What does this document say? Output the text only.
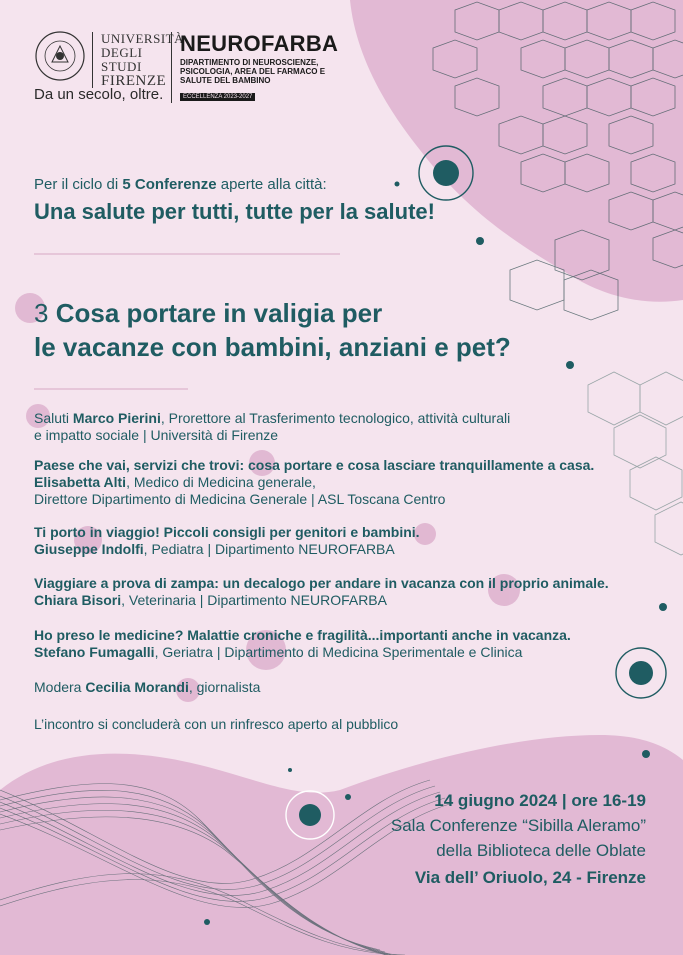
UNIVERSITÀ
DEGLI STUDI
FIRENZE
Da un secolo, oltre.
NEUROFARBA
DIPARTIMENTO DI NEUROSCIENZE,
PSICOLOGIA, AREA DEL FARMACO E
SALUTE DEL BAMBINO
ECCELLENZA 2023-2027
Per il ciclo di 5 Conferenze aperte alla città:
Una salute per tutti, tutte per la salute!
3 Cosa portare in valigia per
le vacanze con bambini, anziani e pet?
Saluti Marco Pierini, Prorettore al Trasferimento tecnologico, attività culturali
e impatto sociale | Università di Firenze
Paese che vai, servizi che trovi: cosa portare e cosa lasciare tranquillamente a casa.
Elisabetta Alti, Medico di Medicina generale,
Direttore Dipartimento di Medicina Generale | ASL Toscana Centro
Ti porto in viaggio! Piccoli consigli per genitori e bambini.
Giuseppe Indolfi, Pediatra | Dipartimento NEUROFARBA
Viaggiare a prova di zampa: un decalogo per andare in vacanza con il proprio animale.
Chiara Bisori, Veterinaria | Dipartimento NEUROFARBA
Ho preso le medicine? Malattie croniche e fragilità...importanti anche in vacanza.
Stefano Fumagalli, Geriatra | Dipartimento di Medicina Sperimentale e Clinica
Modera Cecilia Morandi, giornalista
L’incontro si concluderà con un rinfresco aperto al pubblico
14 giugno 2024 | ore 16-19
Sala Conferenze “Sibilla Aleramo”
della Biblioteca delle Oblate
Via dell’ Oriuolo, 24 - Firenze
